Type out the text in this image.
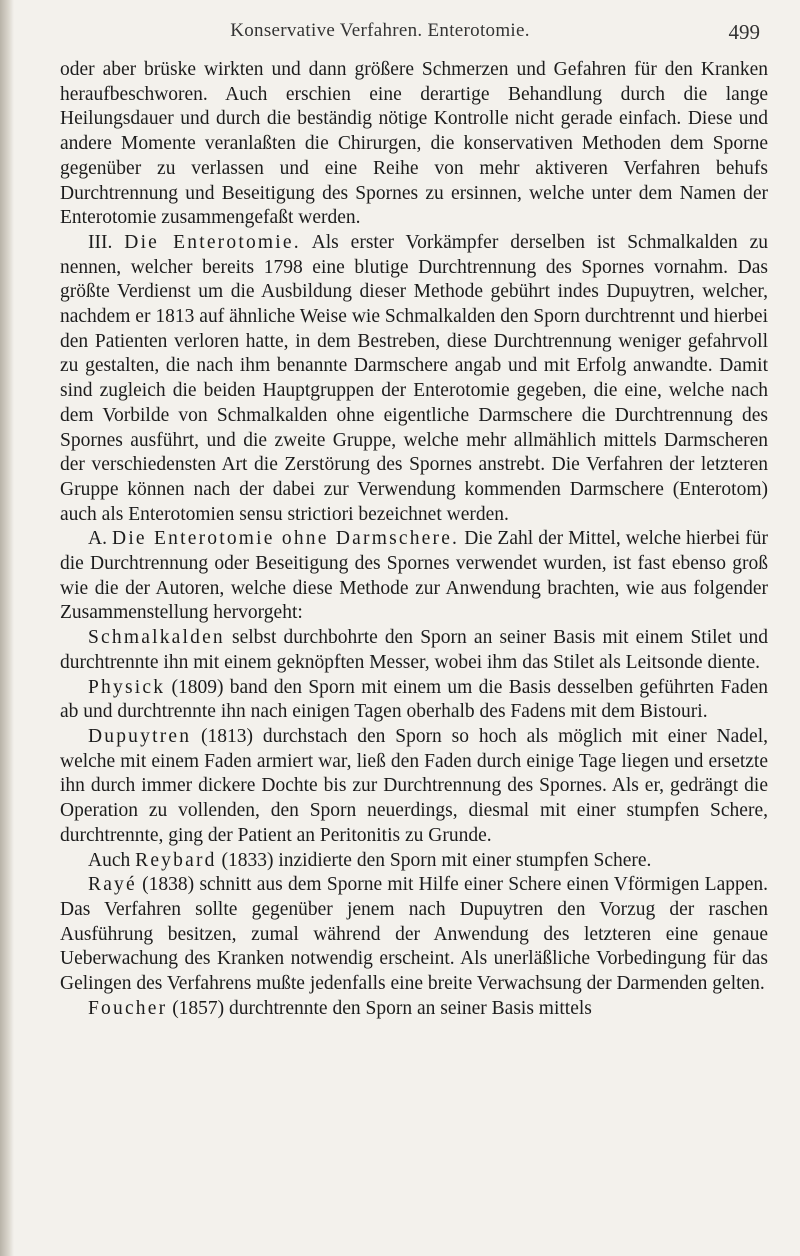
Konservative Verfahren. Enterotomie.	499

oder aber brüske wirkten und dann größere Schmerzen und Gefahren für den Kranken heraufbeschworen. Auch erschien eine derartige Behandlung durch die lange Heilungsdauer und durch die beständig nötige Kontrolle nicht gerade einfach. Diese und andere Momente veranlaßten die Chirurgen, die konservativen Methoden dem Sporne gegenüber zu verlassen und eine Reihe von mehr aktiveren Verfahren behufs Durchtrennung und Beseitigung des Spornes zu ersinnen, welche unter dem Namen der Enterotomie zusammengefaßt werden.

III. Die Enterotomie. Als erster Vorkämpfer derselben ist Schmalkalden zu nennen, welcher bereits 1798 eine blutige Durchtrennung des Spornes vornahm. Das größte Verdienst um die Ausbildung dieser Methode gebührt indes Dupuytren, welcher, nachdem er 1813 auf ähnliche Weise wie Schmalkalden den Sporn durchtrennt und hierbei den Patienten verloren hatte, in dem Bestreben, diese Durchtrennung weniger gefahrvoll zu gestalten, die nach ihm benannte Darmschere angab und mit Erfolg anwandte. Damit sind zugleich die beiden Hauptgruppen der Enterotomie gegeben, die eine, welche nach dem Vorbilde von Schmalkalden ohne eigentliche Darmschere die Durchtrennung des Spornes ausführt, und die zweite Gruppe, welche mehr allmählich mittels Darmscheren der verschiedensten Art die Zerstörung des Spornes anstrebt. Die Verfahren der letzteren Gruppe können nach der dabei zur Verwendung kommenden Darmschere (Enterotom) auch als Enterotomien sensu strictiori bezeichnet werden.

A. Die Enterotomie ohne Darmschere. Die Zahl der Mittel, welche hierbei für die Durchtrennung oder Beseitigung des Spornes verwendet wurden, ist fast ebenso groß wie die der Autoren, welche diese Methode zur Anwendung brachten, wie aus folgender Zusammenstellung hervorgeht:

Schmalkalden selbst durchbohrte den Sporn an seiner Basis mit einem Stilet und durchtrennte ihn mit einem geknöpften Messer, wobei ihm das Stilet als Leitsonde diente.

Physick (1809) band den Sporn mit einem um die Basis desselben geführten Faden ab und durchtrennte ihn nach einigen Tagen oberhalb des Fadens mit dem Bistouri.

Dupuytren (1813) durchstach den Sporn so hoch als möglich mit einer Nadel, welche mit einem Faden armiert war, ließ den Faden durch einige Tage liegen und ersetzte ihn durch immer dickere Dochte bis zur Durchtrennung des Spornes. Als er, gedrängt die Operation zu vollenden, den Sporn neuerdings, diesmal mit einer stumpfen Schere, durchtrennte, ging der Patient an Peritonitis zu Grunde.

Auch Reybard (1833) inzidierte den Sporn mit einer stumpfen Schere.

Rayé (1838) schnitt aus dem Sporne mit Hilfe einer Schere einen Vförmigen Lappen. Das Verfahren sollte gegenüber jenem nach Dupuytren den Vorzug der raschen Ausführung besitzen, zumal während der Anwendung des letzteren eine genaue Ueberwachung des Kranken notwendig erscheint. Als unerläßliche Vorbedingung für das Gelingen des Verfahrens mußte jedenfalls eine breite Verwachsung der Darmenden gelten.

Foucher (1857) durchtrennte den Sporn an seiner Basis mittels
